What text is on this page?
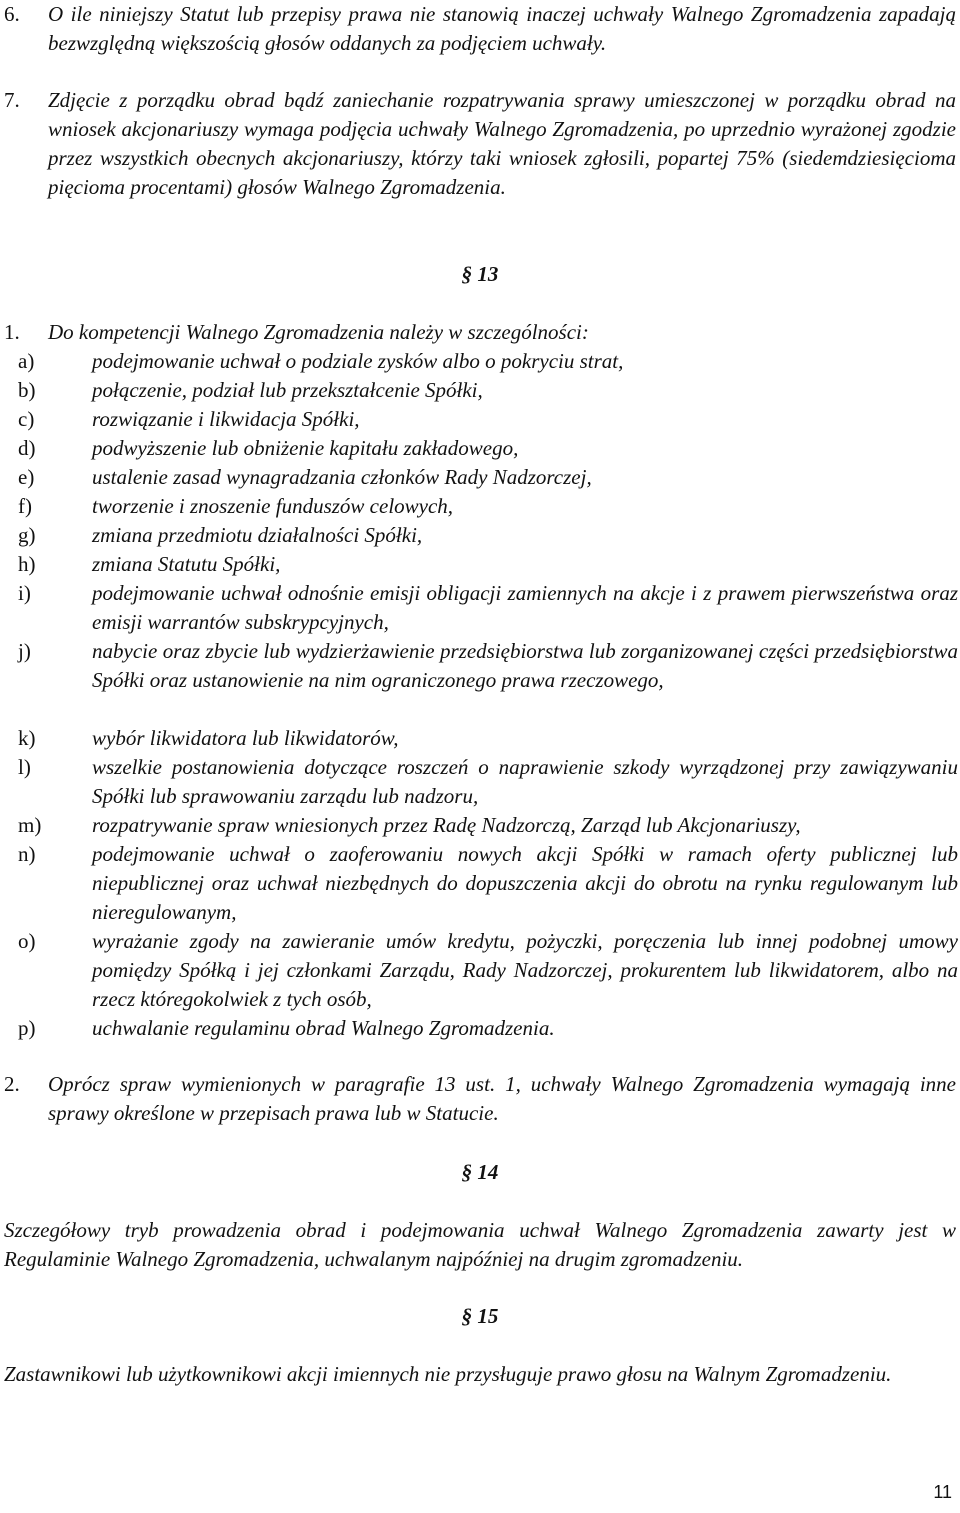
6. O ile niniejszy Statut lub przepisy prawa nie stanowią inaczej uchwały Walnego Zgromadzenia zapadają bezwzględną większością głosów oddanych za podjęciem uchwały.
7. Zdjęcie z porządku obrad bądź zaniechanie rozpatrywania sprawy umieszczonej w porządku obrad na wniosek akcjonariuszy wymaga podjęcia uchwały Walnego Zgromadzenia, po uprzednio wyrażonej zgodzie przez wszystkich obecnych akcjonariuszy, którzy taki wniosek zgłosili, popartej 75% (siedemdziesięcioma pięcioma procentami) głosów Walnego Zgromadzenia.
§ 13
1. Do kompetencji Walnego Zgromadzenia należy w szczególności:
a)	podejmowanie uchwał o podziale zysków albo o pokryciu strat,
b)	połączenie, podział lub przekształcenie Spółki,
c)	rozwiązanie i likwidacja Spółki,
d)	podwyższenie lub obniżenie kapitału zakładowego,
e)	ustalenie zasad wynagradzania członków Rady Nadzorczej,
f)	tworzenie i znoszenie funduszów celowych,
g)	zmiana przedmiotu działalności Spółki,
h)	zmiana Statutu Spółki,
i)	podejmowanie uchwał odnośnie emisji obligacji zamiennych na akcje i z prawem pierwszeństwa oraz emisji warrantów subskrypcyjnych,
j)	nabycie oraz zbycie lub wydzierżawienie przedsiębiorstwa lub zorganizowanej części przedsiębiorstwa Spółki oraz ustanowienie na nim ograniczonego prawa rzeczowego,
k)	wybór likwidatora lub likwidatorów,
l)	wszelkie postanowienia dotyczące roszczeń o naprawienie szkody wyrządzonej przy zawiązywaniu Spółki lub sprawowaniu zarządu lub nadzoru,
m) rozpatrywanie spraw wniesionych przez Radę Nadzorczą, Zarząd lub Akcjonariuszy,
n)	podejmowanie uchwał o zaoferowaniu nowych akcji Spółki w ramach oferty publicznej lub niepublicznej oraz uchwał niezbędnych do dopuszczenia akcji do obrotu na rynku regulowanym lub nieregulowanym,
o)	wyrażanie zgody na zawieranie umów kredytu, pożyczki, poręczenia lub innej podobnej umowy pomiędzy Spółką i jej członkami Zarządu, Rady Nadzorczej, prokurentem lub likwidatorem, albo na rzecz któregokolwiek z tych osób,
p)	uchwalanie regulaminu obrad Walnego Zgromadzenia.
2. Oprócz spraw wymienionych w paragrafie 13 ust. 1, uchwały Walnego Zgromadzenia wymagają inne sprawy określone w przepisach prawa lub w Statucie.
§ 14
Szczegółowy tryb prowadzenia obrad i podejmowania uchwał Walnego Zgromadzenia zawarty jest w Regulaminie Walnego Zgromadzenia, uchwalanym najpóźniej na drugim zgromadzeniu.
§ 15
Zastawnikowi lub użytkownikowi akcji imiennych nie przysługuje prawo głosu na Walnym Zgromadzeniu.
11
